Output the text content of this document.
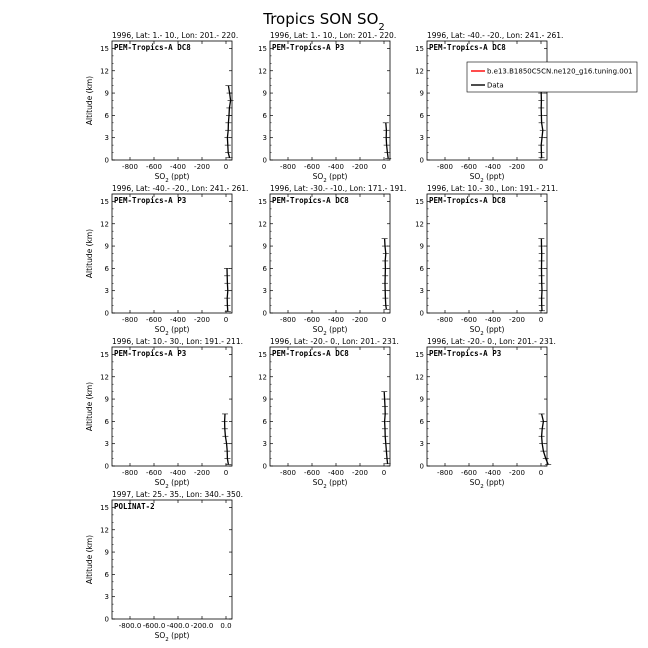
Tropics SON $SO_2$
1996, Lat: 1.- 10., Lon: 201.- 220.
PEM-Tropics-A DC8
0
3
6
9
12
15
-800 -600 -400 -200 0
$SO_2$ (ppt)
Altitude (km)
1996, Lat: 1.- 10., Lon: 201.- 220.
PEM-Tropics-A P3
0
3
6
9
12
15
-800 -600 -400 -200 0
$SO_2$ (ppt)
1996, Lat: -40.- -20., Lon: 241.- 261.
PEM-Tropics-A DC8
0
3
6
9
12
15
-800 -600 -400 -200 0
$SO_2$ (ppt)
1996, Lat: -40.- -20., Lon: 241.- 261.
PEM-Tropics-A P3
0
3
6
9
12
15
-800 -600 -400 -200 0
$SO_2$ (ppt)
Altitude (km)
1996, Lat: -30.- -10., Lon: 171.- 191.
PEM-Tropics-A DC8
0
3
6
9
12
15
-800 -600 -400 -200 0
$SO_2$ (ppt)
1996, Lat: 10.- 30., Lon: 191.- 211.
PEM-Tropics-A DC8
0
3
6
9
12
15
-800 -600 -400 -200 0
$SO_2$ (ppt)
1996, Lat: 10.- 30., Lon: 191.- 211.
PEM-Tropics-A P3
0
3
6
9
12
15
-800 -600 -400 -200 0
$SO_2$ (ppt)
Altitude (km)
1996, Lat: -20.- 0., Lon: 201.- 231.
PEM-Tropics-A DC8
0
3
6
9
12
15
-800 -600 -400 -200 0
$SO_2$ (ppt)
1996, Lat: -20.- 0., Lon: 201.- 231.
PEM-Tropics-A P3
0
3
6
9
12
15
-800 -600 -400 -200 0
$SO_2$ (ppt)
1997, Lat: 25.- 35., Lon: 340.- 350.
POLINAT-2
0
3
6
9
12
15
-800.0 -600.0 -400.0 -200.0 0.0
$SO_2$ (ppt)
Altitude (km)
b.e13.B1850C5CN.ne120_g16.tuning.001
Data
